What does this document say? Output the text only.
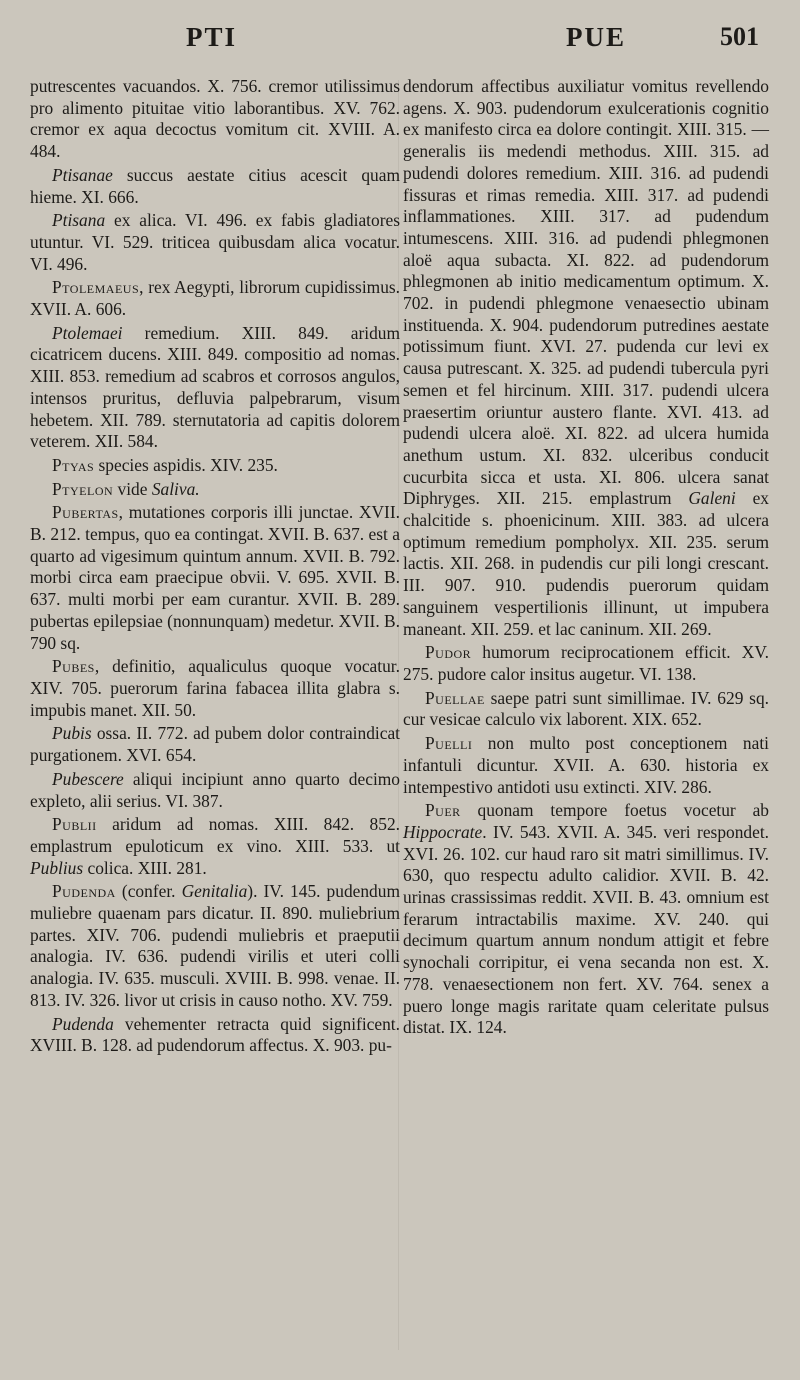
PTI	PUE	501

putrescentes vacuandos. X. 756. cremor utilissimus pro alimento pituitae vitio laborantibus. XV. 762. cremor ex aqua decoctus vomitum cit. XVIII. A. 484.

Ptisanae succus aestate citius acescit quam hieme. XI. 666.

Ptisana ex alica. VI. 496. ex fabis gladiatores utuntur. VI. 529. triticea quibusdam alica vocatur. VI. 496.

Ptolemaeus, rex Aegypti, librorum cupidissimus. XVII. A. 606.

Ptolemaei remedium. XIII. 849. aridum cicatricem ducens. XIII. 849. compositio ad nomas. XIII. 853. remedium ad scabros et corrosos angulos, intensos pruritus, defluvia palpebrarum, visum hebetem. XII. 789. sternutatoria ad capitis dolorem veterem. XII. 584.

Ptyas species aspidis. XIV. 235.

Ptyelon vide Saliva.

Pubertas, mutationes corporis illi junctae. XVII. B. 212. tempus, quo ea contingat. XVII. B. 637. est a quarto ad vigesimum quintum annum. XVII. B. 792. morbi circa eam praecipue obvii. V. 695. XVII. B. 637. multi morbi per eam curantur. XVII. B. 289. pubertas epilepsiae (nonnunquam) medetur. XVII. B. 790 sq.

Pubes, definitio, aqualiculus quoque vocatur. XIV. 705. puerorum farina fabacea illita glabra s. impubis manet. XII. 50.

Pubis ossa. II. 772. ad pubem dolor contraindicat purgationem. XVI. 654.

Pubescere aliqui incipiunt anno quarto decimo expleto, alii serius. VI. 387.

Publii aridum ad nomas. XIII. 842. 852. emplastrum epuloticum ex vino. XIII. 533. ut Publius colica. XIII. 281.

Pudenda (confer. Genitalia). IV. 145. pudendum muliebre quaenam pars dicatur. II. 890. muliebrium partes. XIV. 706. pudendi muliebris et praeputii analogia. IV. 636. pudendi virilis et uteri colli analogia. IV. 635. musculi. XVIII. B. 998. venae. II. 813. IV. 326. livor ut crisis in causo notho. XV. 759.

Pudenda vehementer retracta quid significent. XVIII. B. 128. ad pudendorum affectus. X. 903. pu-

dendorum affectibus auxiliatur vomitus revellendo agens. X. 903. pudendorum exulcerationis cognitio ex manifesto circa ea dolore contingit. XIII. 315. — generalis iis medendi methodus. XIII. 315. ad pudendi dolores remedium. XIII. 316. ad pudendi fissuras et rimas remedia. XIII. 317. ad pudendi inflammationes. XIII. 317. ad pudendum intumescens. XIII. 316. ad pudendi phlegmonen aloë aqua subacta. XI. 822. ad pudendorum phlegmonen ab initio medicamentum optimum. X. 702. in pudendi phlegmone venaesectio ubinam instituenda. X. 904. pudendorum putredines aestate potissimum fiunt. XVI. 27. pudenda cur levi ex causa putrescant. X. 325. ad pudendi tubercula pyri semen et fel hircinum. XIII. 317. pudendi ulcera praesertim oriuntur austero flante. XVI. 413. ad pudendi ulcera aloë. XI. 822. ad ulcera humida anethum ustum. XI. 832. ulceribus conducit cucurbita sicca et usta. XI. 806. ulcera sanat Diphryges. XII. 215. emplastrum Galeni ex chalcitide s. phoenicinum. XIII. 383. ad ulcera optimum remedium pompholyx. XII. 235. serum lactis. XII. 268. in pudendis cur pili longi crescant. III. 907. 910. pudendis puerorum quidam sanguinem vespertilionis illinunt, ut impubera maneant. XII. 259. et lac caninum. XII. 269.

Pudor humorum reciprocationem efficit. XV. 275. pudore calor insitus augetur. VI. 138.

Puellae saepe patri sunt simillimae. IV. 629 sq. cur vesicae calculo vix laborent. XIX. 652.

Puelli non multo post conceptionem nati infantuli dicuntur. XVII. A. 630. historia ex intempestivo antidoti usu extincti. XIV. 286.

Puer quonam tempore foetus vocetur ab Hippocrate. IV. 543. XVII. A. 345. veri respondet. XVI. 26. 102. cur haud raro sit matri simillimus. IV. 630, quo respectu adulto calidior. XVII. B. 42. urinas crassissimas reddit. XVII. B. 43. omnium est ferarum intractabilis maxime. XV. 240. qui decimum quartum annum nondum attigit et febre synochali corripitur, ei vena secanda non est. X. 778. venaesectionem non fert. XV. 764. senex a puero longe magis raritate quam celeritate pulsus distat. IX. 124.
